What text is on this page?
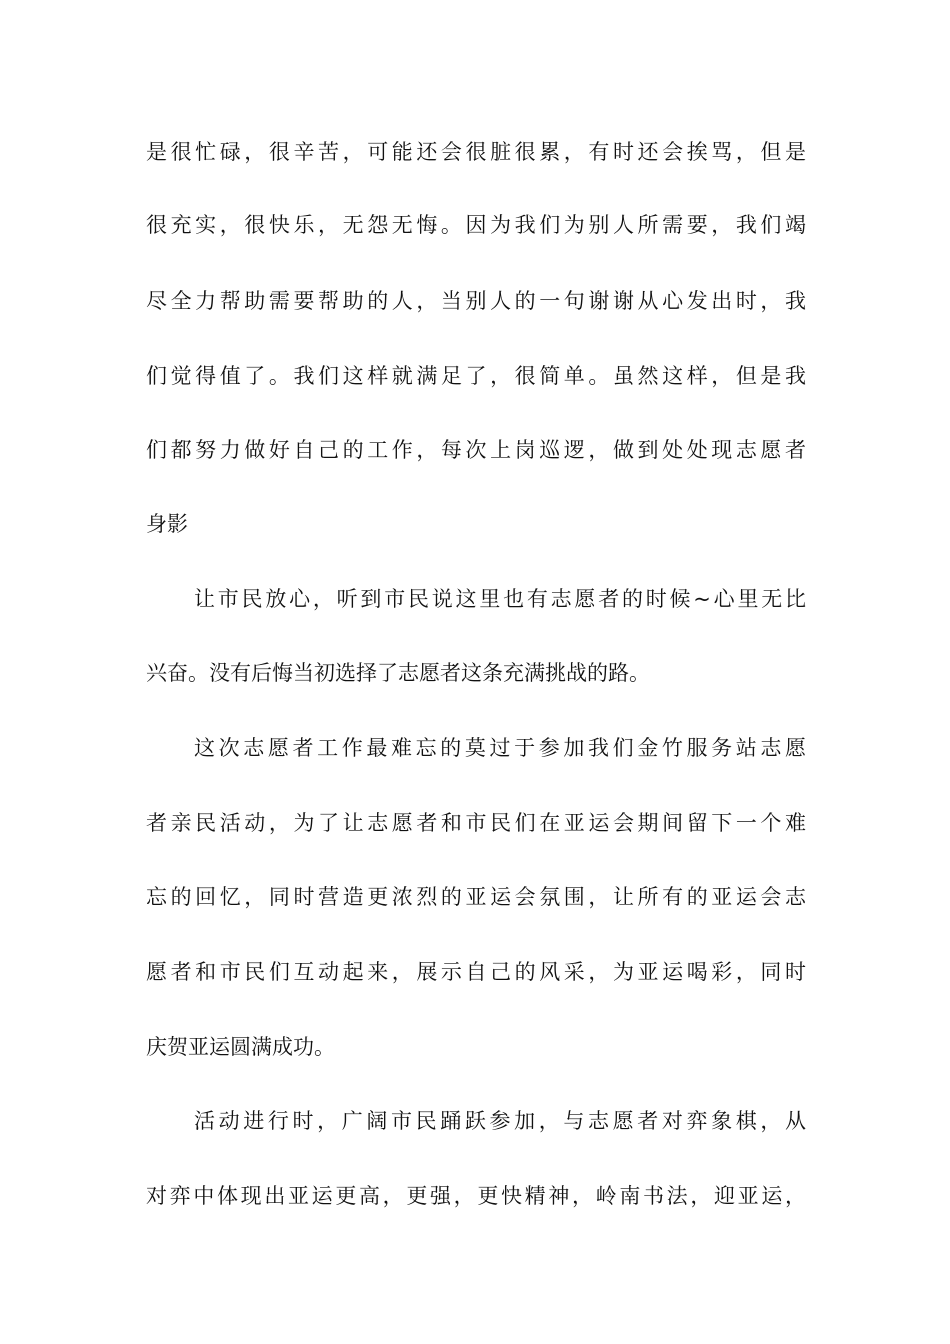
是很忙碌，很辛苦，可能还会很脏很累，有时还会挨骂，但是
很充实，很快乐，无怨无悔。因为我们为别人所需要，我们竭
尽全力帮助需要帮助的人，当别人的一句谢谢从心发出时，我
们觉得值了。我们这样就满足了，很简单。虽然这样，但是我
们都努力做好自己的工作，每次上岗巡逻，做到处处现志愿者
身影
让市民放心，听到市民说这里也有志愿者的时候~心里无比
兴奋。没有后悔当初选择了志愿者这条充满挑战的路。
这次志愿者工作最难忘的莫过于参加我们金竹服务站志愿
者亲民活动，为了让志愿者和市民们在亚运会期间留下一个难
忘的回忆，同时营造更浓烈的亚运会氛围，让所有的亚运会志
愿者和市民们互动起来，展示自己的风采，为亚运喝彩，同时
庆贺亚运圆满成功。
活动进行时，广阔市民踊跃参加，与志愿者对弈象棋，从
对弈中体现出亚运更高，更强，更快精神，岭南书法，迎亚运，
